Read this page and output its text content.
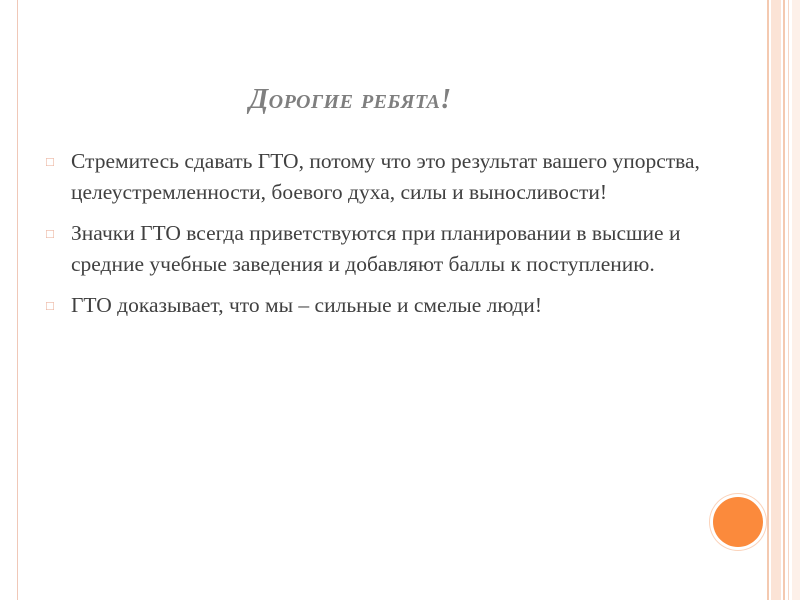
Дорогие ребята!
□ Стремитесь сдавать ГТО, потому что это результат вашего упорства, целеустремленности, боевого духа, силы и выносливости!
□ Значки ГТО всегда приветствуются при планировании в высшие и средние учебные заведения и добавляют баллы к поступлению.
□ ГТО доказывает, что мы – сильные и смелые люди!
